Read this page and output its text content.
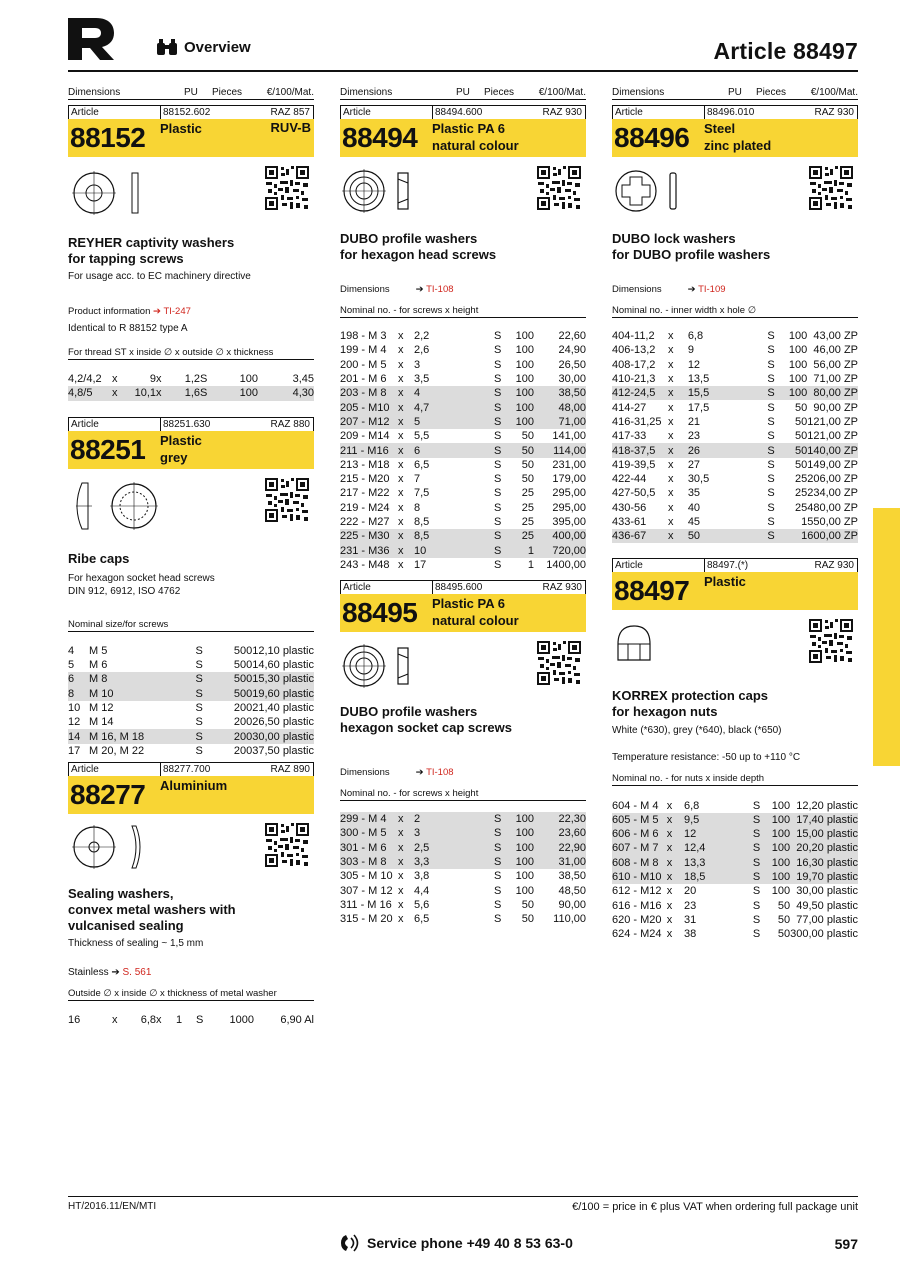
Overview	Article 88497
Dimensions	PU	Pieces	€/100/Mat.
Article	88152.602	RAZ 857
88152	Plastic	RUV-B
REYHER captivity washers
for tapping screws
For usage acc. to EC machinery directive
Product information ➔ TI-247
Identical to R 88152 type A
For thread ST x inside ∅ x outside ∅ x thickness
4,2/4,2	x	9	x	1,2	S	100	3,45
4,8/5	x	10,1	x	1,6	S	100	4,30
Article	88251.630	RAZ 880
88251	Plastic
grey
Ribe caps
For hexagon socket head screws
DIN 912, 6912, ISO 4762
Nominal size/for screws
4	M 5	S	500	12,10 plastic
5	M 6	S	500	14,60 plastic
6	M 8	S	500	15,30 plastic
8	M 10	S	500	19,60 plastic
10	M 12	S	200	21,40 plastic
12	M 14	S	200	26,50 plastic
14	M 16, M 18	S	200	30,00 plastic
17	M 20, M 22	S	200	37,50 plastic
Article	88277.700	RAZ 890
88277	Aluminium
Sealing washers,
convex metal washers with
vulcanised sealing
Thickness of sealing ~ 1,5 mm
Stainless ➔ S. 561
Outside ∅ x inside ∅ x thickness of metal washer
16	x	6,8	x	1	S	1000	6,90 Al
Dimensions	PU	Pieces	€/100/Mat.
Article	88494.600	RAZ 930
88494	Plastic PA 6
natural colour
DUBO profile washers
for hexagon head screws
Dimensions	➔ TI-108
Nominal no. - for screws x height
198 - M 3	x	2,2	S	100	22,60
199 - M 4	x	2,6	S	100	24,90
200 - M 5	x	3	S	100	26,50
201 - M 6	x	3,5	S	100	30,00
203 - M 8	x	4	S	100	38,50
205 - M10	x	4,7	S	100	48,00
207 - M12	x	5	S	100	71,00
209 - M14	x	5,5	S	50	141,00
211 - M16	x	6	S	50	114,00
213 - M18	x	6,5	S	50	231,00
215 - M20	x	7	S	50	179,00
217 - M22	x	7,5	S	25	295,00
219 - M24	x	8	S	25	295,00
222 - M27	x	8,5	S	25	395,00
225 - M30	x	8,5	S	25	400,00
231 - M36	x	10	S	1	720,00
243 - M48	x	17	S	1	1400,00
Article	88495.600	RAZ 930
88495	Plastic PA 6
natural colour
DUBO profile washers
hexagon socket cap screws
Dimensions	➔ TI-108
Nominal no. - for screws x height
299 - M 4	x	2	S	100	22,30
300 - M 5	x	3	S	100	23,60
301 - M 6	x	2,5	S	100	22,90
303 - M 8	x	3,3	S	100	31,00
305 - M 10	x	3,8	S	100	38,50
307 - M 12	x	4,4	S	100	48,50
311 - M 16	x	5,6	S	50	90,00
315 - M 20	x	6,5	S	50	110,00
Dimensions	PU	Pieces	€/100/Mat.
Article	88496.010	RAZ 930
88496	Steel
zinc plated
DUBO lock washers
for DUBO profile washers
Dimensions	➔ TI-109
Nominal no. - inner width x hole ∅
404-11,2	x	6,8	S	100	43,00 ZP
406-13,2	x	9	S	100	46,00 ZP
408-17,2	x	12	S	100	56,00 ZP
410-21,3	x	13,5	S	100	71,00 ZP
412-24,5	x	15,5	S	100	80,00 ZP
414-27	x	17,5	S	50	90,00 ZP
416-31,25	x	21	S	50	121,00 ZP
417-33	x	23	S	50	121,00 ZP
418-37,5	x	26	S	50	140,00 ZP
419-39,5	x	27	S	50	149,00 ZP
422-44	x	30,5	S	25	206,00 ZP
427-50,5	x	35	S	25	234,00 ZP
430-56	x	40	S	25	480,00 ZP
433-61	x	45	S	1	550,00 ZP
436-67	x	50	S	1	600,00 ZP
Article	88497.(*)	RAZ 930
88497	Plastic
KORREX protection caps
for hexagon nuts
White (*630), grey (*640), black (*650)
Temperature resistance: -50 up to +110 °C
Nominal no. - for nuts x inside depth
604 - M 4	x	6,8	S	100	12,20 plastic
605 - M 5	x	9,5	S	100	17,40 plastic
606 - M 6	x	12	S	100	15,00 plastic
607 - M 7	x	12,4	S	100	20,20 plastic
608 - M 8	x	13,3	S	100	16,30 plastic
610 - M10	x	18,5	S	100	19,70 plastic
612 - M12	x	20	S	100	30,00 plastic
616 - M16	x	23	S	50	49,50 plastic
620 - M20	x	31	S	50	77,00 plastic
624 - M24	x	38	S	50	300,00 plastic
HT/2016.11/EN/MTI	€/100 = price in € plus VAT when ordering full package unit
Service phone +49 40 8 53 63-0	597
